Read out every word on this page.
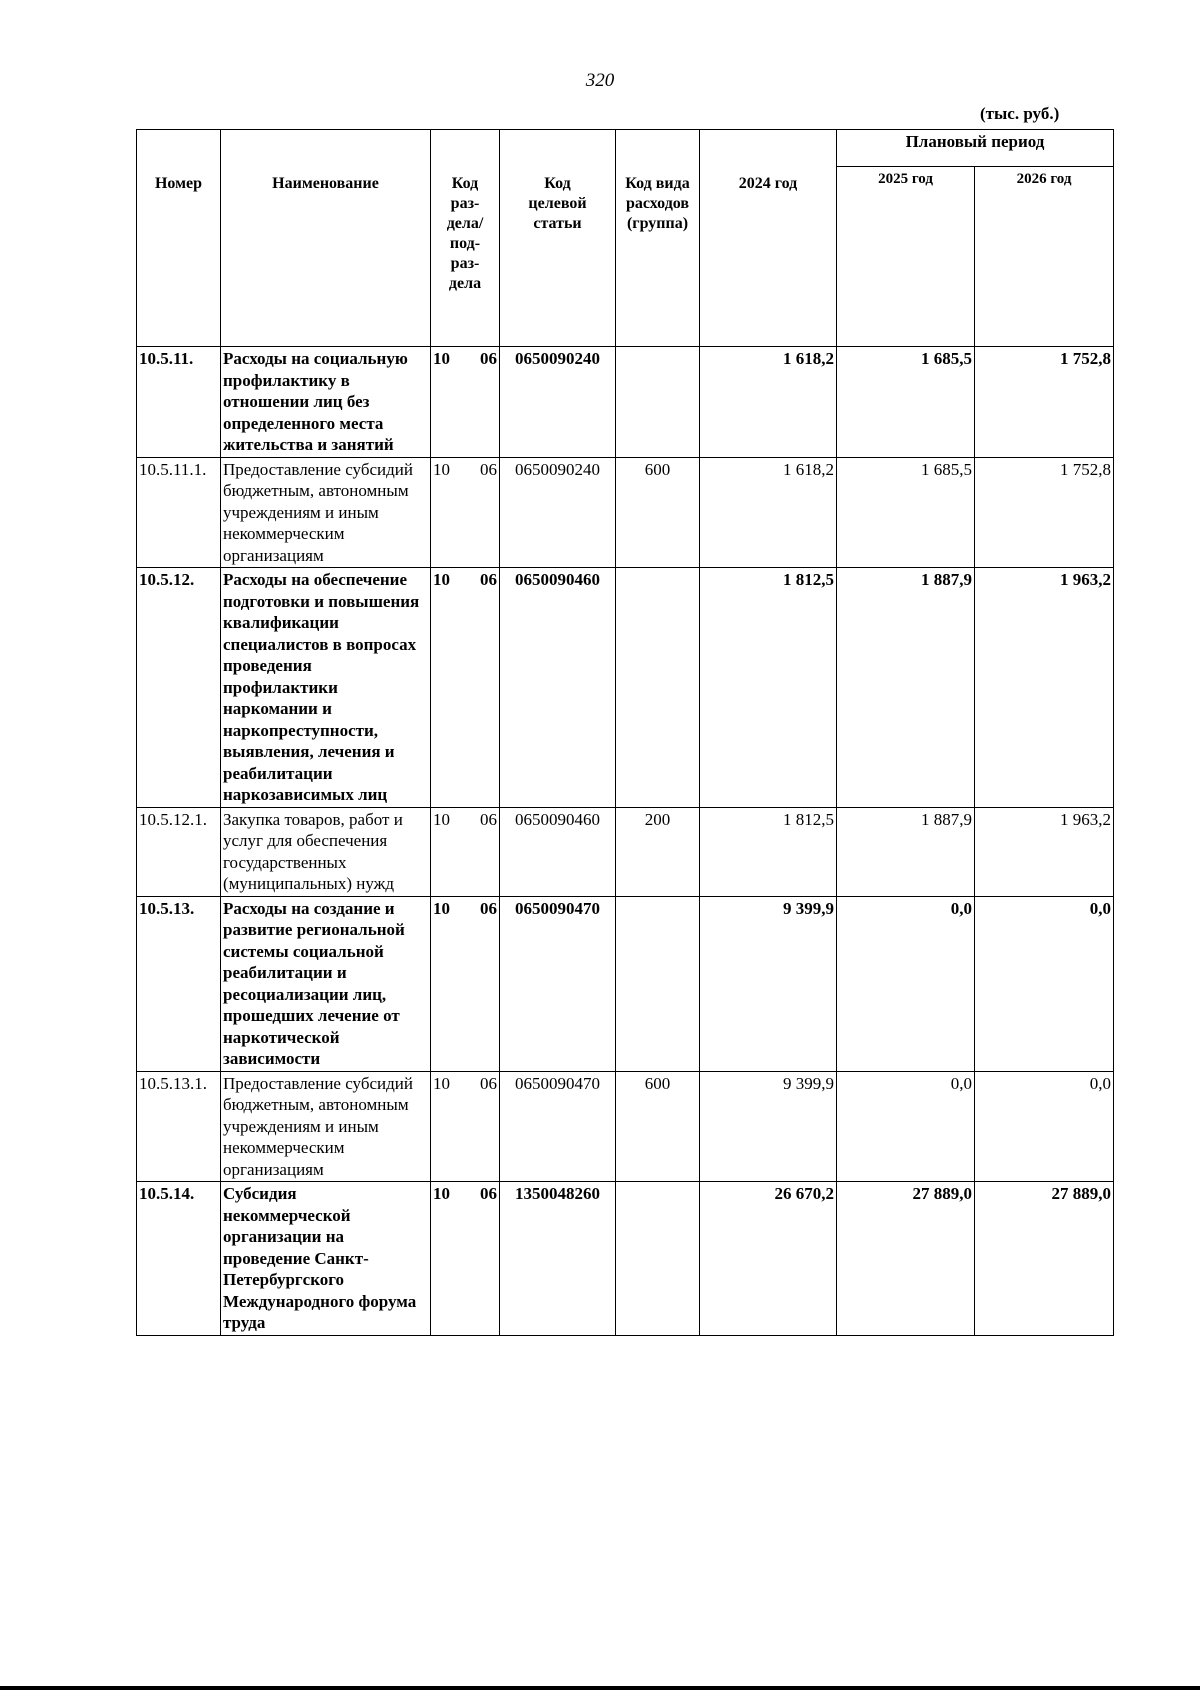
320
(тыс. руб.)
Номер	Наименование	Код раз-дела/ под-раз-дела	Код целевой статьи	Код вида расходов (группа)	2024 год	Плановый период	
						2025 год	2026 год
10.5.11.	Расходы на социальную профилактику в отношении лиц без определенного места жительства и занятий	10 06	0650090240		1 618,2	1 685,5	1 752,8
10.5.11.1.	Предоставление субсидий бюджетным, автономным учреждениям и иным некоммерческим организациям	10 06	0650090240	600	1 618,2	1 685,5	1 752,8
10.5.12.	Расходы на обеспечение подготовки и повышения квалификации специалистов в вопросах проведения профилактики наркомании и наркопреступности, выявления, лечения и реабилитации наркозависимых лиц	10 06	0650090460		1 812,5	1 887,9	1 963,2
10.5.12.1.	Закупка товаров, работ и услуг для обеспечения государственных (муниципальных) нужд	10 06	0650090460	200	1 812,5	1 887,9	1 963,2
10.5.13.	Расходы на создание и развитие региональной системы социальной реабилитации и ресоциализации лиц, прошедших лечение от наркотической зависимости	10 06	0650090470		9 399,9	0,0	0,0
10.5.13.1.	Предоставление субсидий бюджетным, автономным учреждениям и иным некоммерческим организациям	10 06	0650090470	600	9 399,9	0,0	0,0
10.5.14.	Субсидия некоммерческой организации на проведение Санкт-Петербургского Международного форума труда	10 06	1350048260		26 670,2	27 889,0	27 889,0
